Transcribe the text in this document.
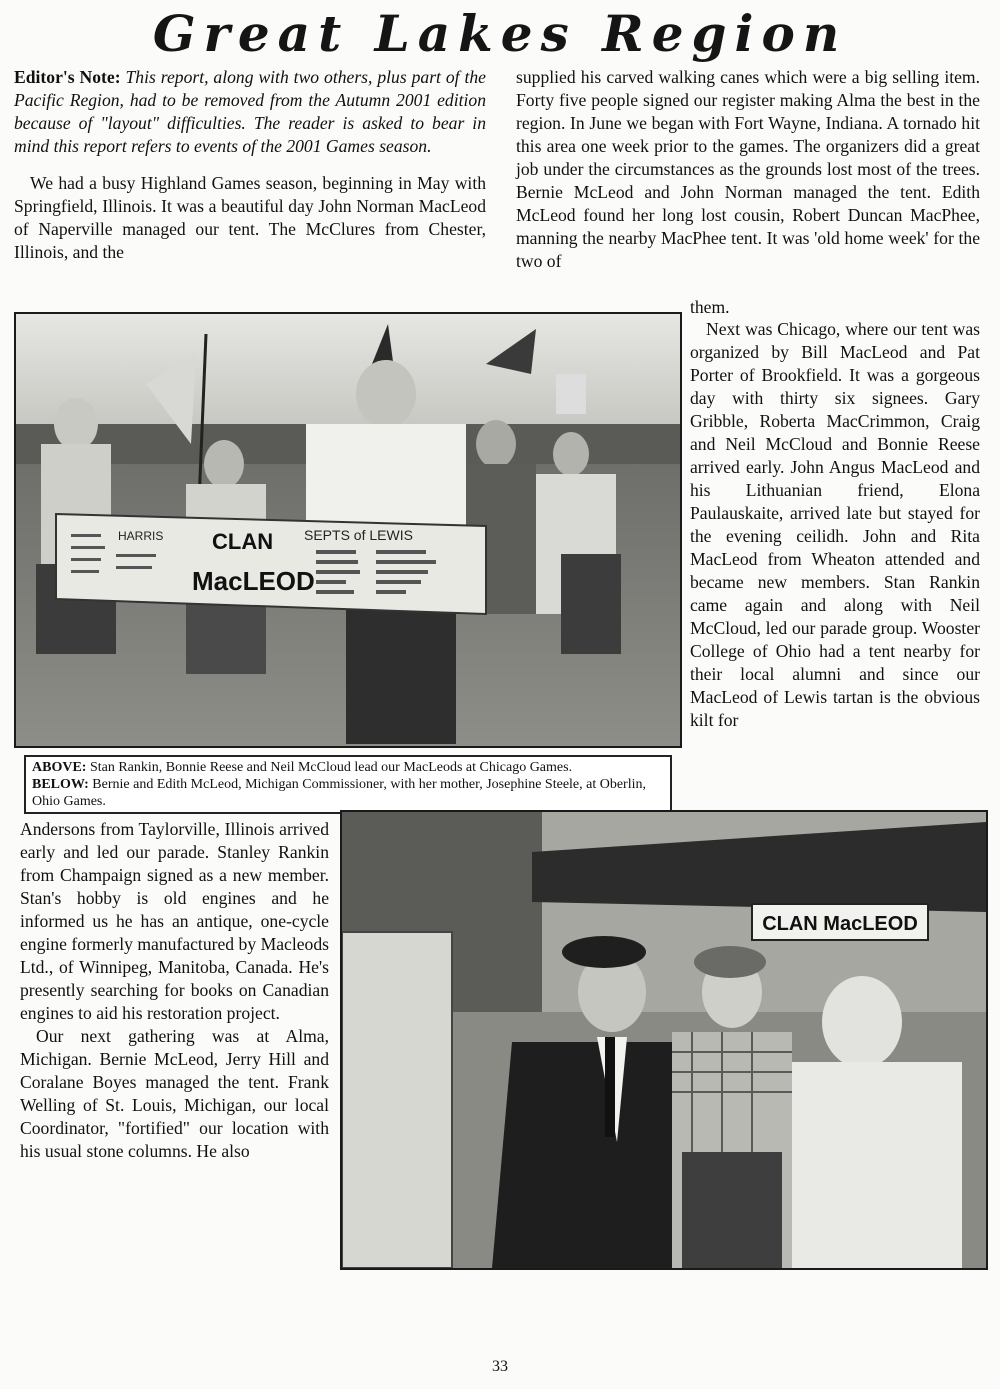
Great Lakes Region

Editor's Note: This report, along with two others, plus part of the Pacific Region, had to be removed from the Autumn 2001 edition because of "layout" difficulties. The reader is asked to bear in mind this report refers to events of the 2001 Games season.

We had a busy Highland Games season, beginning in May with Springfield, Illinois. It was a beautiful day John Norman MacLeod of Naperville managed our tent. The McClures from Chester, Illinois, and the

supplied his carved walking canes which were a big selling item. Forty five people signed our register making Alma the best in the region. In June we began with Fort Wayne, Indiana. A tornado hit this area one week prior to the games. The organizers did a great job under the circumstances as the grounds lost most of the trees. Bernie McLeod and John Norman managed the tent. Edith McLeod found her long lost cousin, Robert Duncan MacPhee, manning the nearby MacPhee tent. It was 'old home week' for the two of

them.

Next was Chicago, where our tent was organized by Bill MacLeod and Pat Porter of Brookfield. It was a gorgeous day with thirty six signees. Gary Gribble, Roberta MacCrimmon, Craig and Neil McCloud and Bonnie Reese arrived early. John Angus MacLeod and his Lithuanian friend, Elona Paulauskaite, arrived late but stayed for the evening ceilidh. John and Rita MacLeod from Wheaton attended and became new members. Stan Rankin came again and along with Neil McCloud, led our parade group. Wooster College of Ohio had a tent nearby for their local alumni and since our MacLeod of Lewis tartan is the obvious kilt for

HARRIS CLAN
MacLEOD
SEPTS of LEWIS
ABOVE: Stan Rankin, Bonnie Reese and Neil McCloud lead our MacLeods at Chicago Games.
BELOW: Bernie and Edith McLeod, Michigan Commissioner, with her mother, Josephine Steele, at Oberlin, Ohio Games.

Andersons from Taylorville, Illinois arrived early and led our parade. Stanley Rankin from Champaign signed as a new member. Stan's hobby is old engines and he informed us he has an antique, one-cycle engine formerly manufactured by Macleods Ltd., of Winnipeg, Manitoba, Canada. He's presently searching for books on Canadian engines to aid his restoration project.

Our next gathering was at Alma, Michigan. Bernie McLeod, Jerry Hill and Coralane Boyes managed the tent. Frank Welling of St. Louis, Michigan, our local Coordinator, "fortified" our location with his usual stone columns. He also

CLAN MacLEOD
33
